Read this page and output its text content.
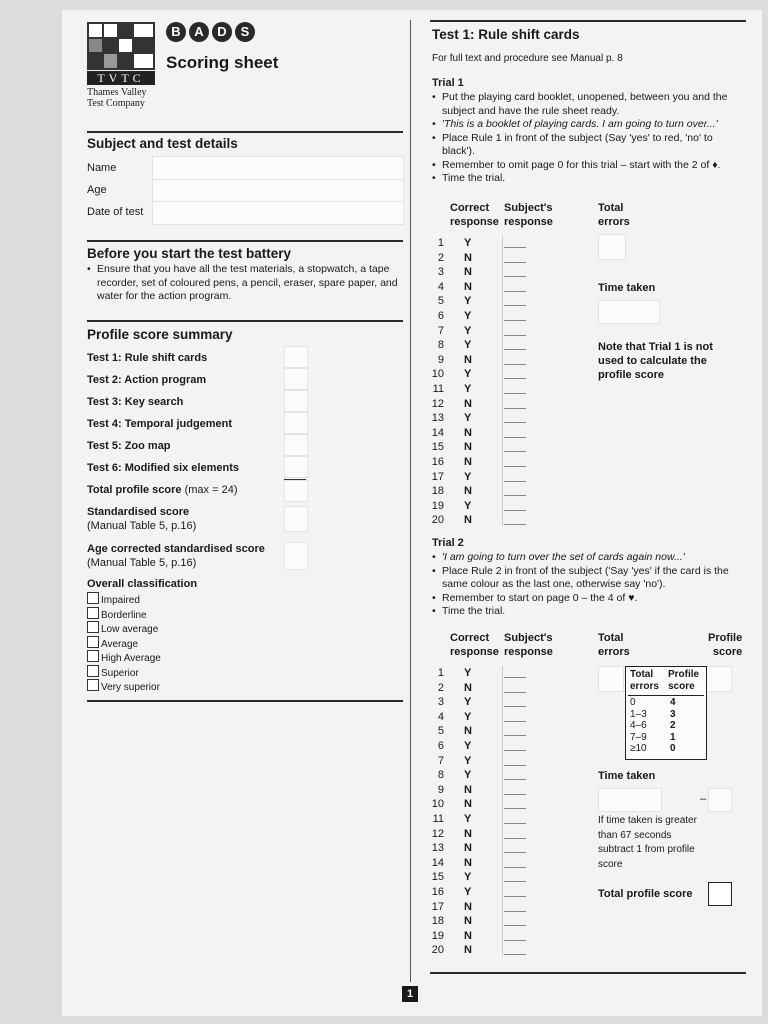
TVTC
Thames Valley
Test Company
B A D S
Scoring sheet
Subject and test details
Name
Age
Date of test
Before you start the test battery
• Ensure that you have all the test materials, a stopwatch, a tape recorder, set of coloured pens, a pencil, eraser, spare paper, and water for the action program.
Profile score summary
Test 1: Rule shift cards
Test 2: Action program
Test 3: Key search
Test 4: Temporal judgement
Test 5: Zoo map
Test 6: Modified six elements
Total profile score (max = 24)
Standardised score
(Manual Table 5, p.16)
Age corrected standardised score
(Manual Table 5, p.16)
Overall classification
Impaired
Borderline
Low average
Average
High Average
Superior
Very superior
Test 1: Rule shift cards
For full text and procedure see Manual p. 8
Trial 1
• Put the playing card booklet, unopened, between you and the subject and have the rule sheet ready.
• 'This is a booklet of playing cards. I am going to turn over...'
• Place Rule 1 in front of the subject (Say 'yes' to red, 'no' to black').
• Remember to omit page 0 for this trial – start with the 2 of ♦.
• Time the trial.
Correct
response
Subject's
response
Total
errors
1 Y
2 N
3 N
4 N
5 Y
6 Y
7 Y
8 Y
9 N
10 Y
11 Y
12 N
13 Y
14 N
15 N
16 N
17 Y
18 N
19 Y
20 N
Time taken
Note that Trial 1 is not used to calculate the profile score
Trial 2
• 'I am going to turn over the set of cards again now...'
• Place Rule 2 in front of the subject ('Say 'yes' if the card is the same colour as the last one, otherwise say 'no').
• Remember to start on page 0 – the 4 of ♥.
• Time the trial.
Correct
response
Subject's
response
Total
errors
Profile
score
1 Y
2 N
3 Y
4 Y
5 N
6 Y
7 Y
8 Y
9 N
10 N
11 Y
12 N
13 N
14 N
15 Y
16 Y
17 N
18 N
19 N
20 N
Total errors
Profile score
0
1–3
4–6
7–9
≥10
4
3
2
1
0
Time taken
–
If time taken is greater than 67 seconds subtract 1 from profile score
Total profile score
1
